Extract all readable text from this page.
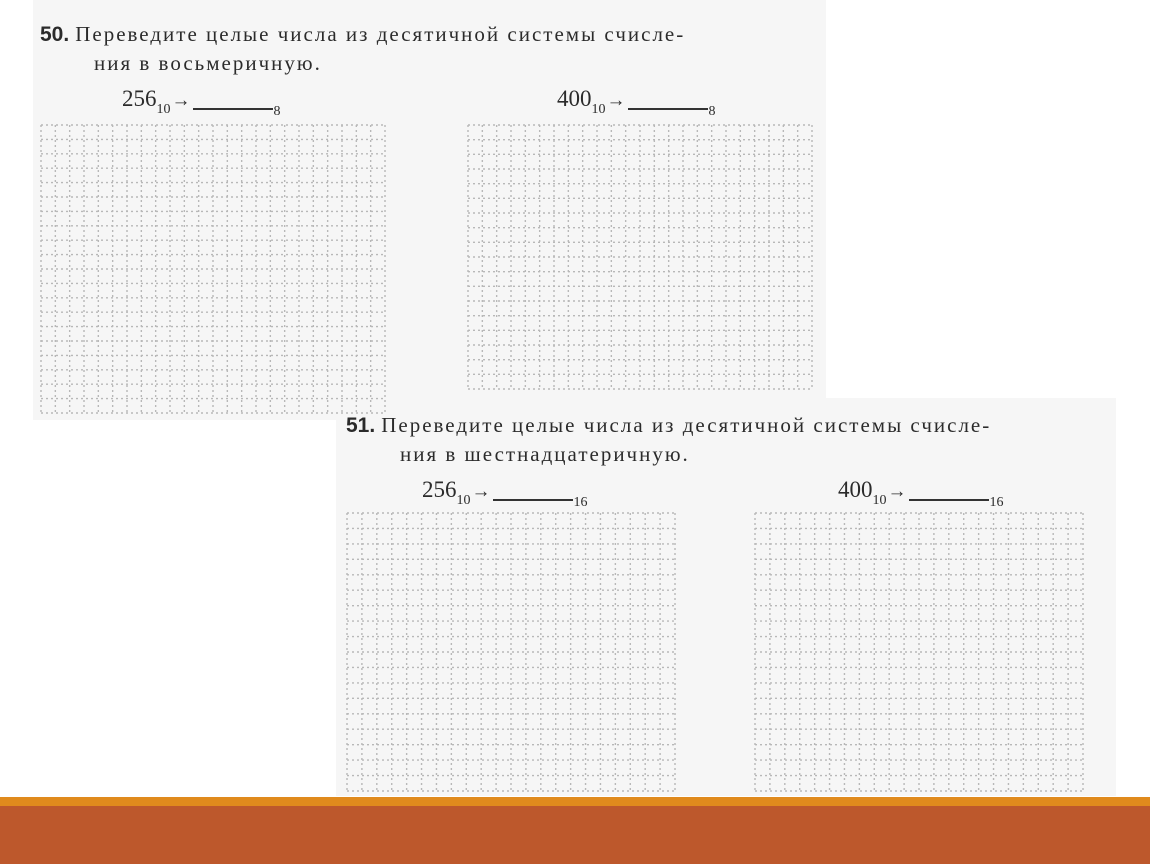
50. Переведите целые числа из десятичной системы счисле-
ния в восьмеричную.
256 10 →
8
400 10 →
8
51. Переведите целые числа из десятичной системы счисле-
ния в шестнадцатеричную.
256 10 →
16
400 10 →
16
